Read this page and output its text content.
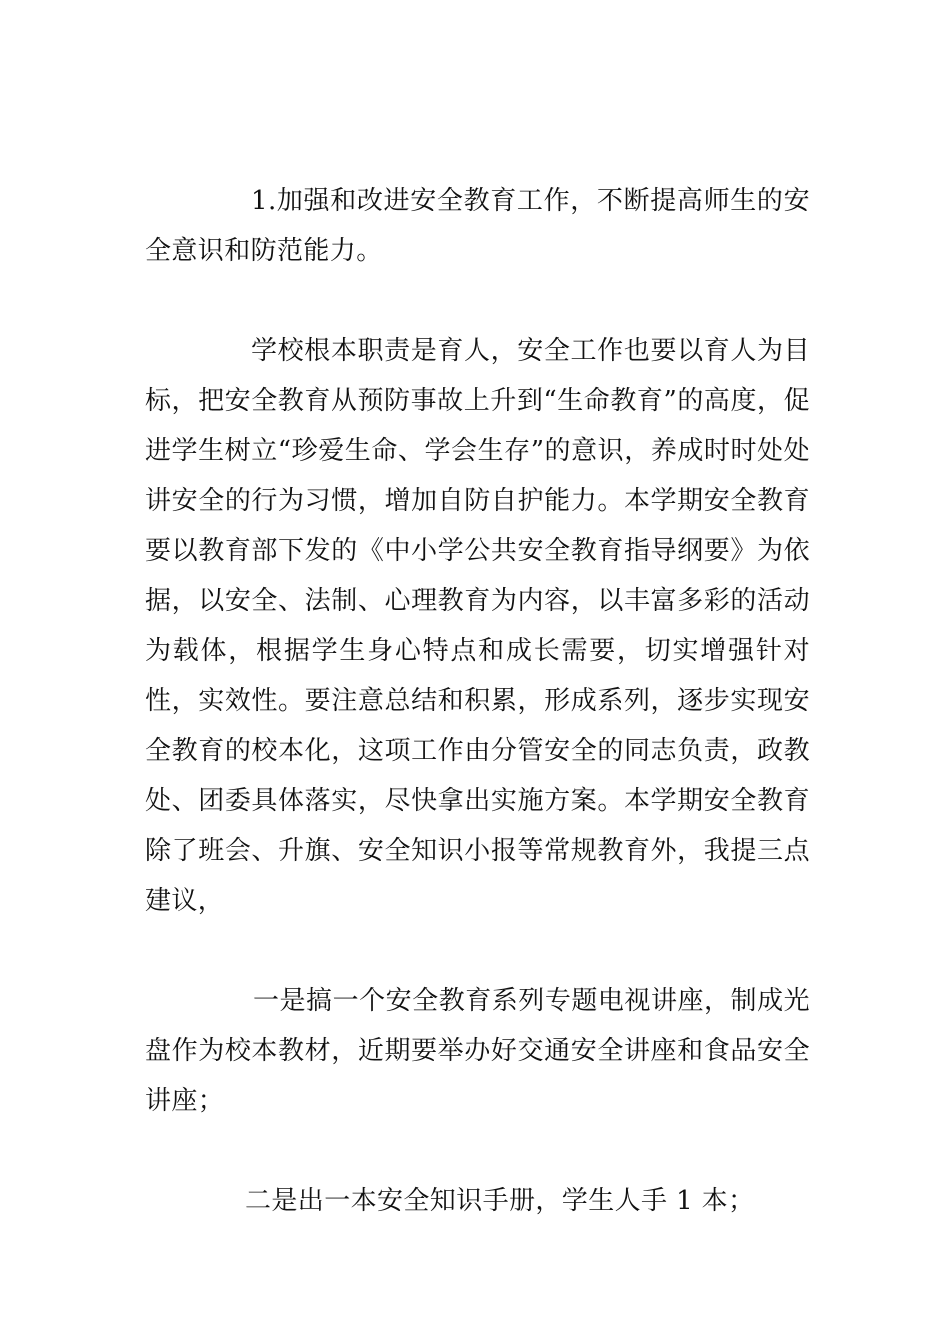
1.加强和改进安全教育工作，不断提高师生的安全意识和防范能力。

学校根本职责是育人，安全工作也要以育人为目标，把安全教育从预防事故上升到“生命教育”的高度，促进学生树立“珍爱生命、学会生存”的意识，养成时时处处讲安全的行为习惯，增加自防自护能力。本学期安全教育要以教育部下发的《中小学公共安全教育指导纲要》为依据，以安全、法制、心理教育为内容，以丰富多彩的活动为载体，根据学生身心特点和成长需要，切实增强针对性，实效性。要注意总结和积累，形成系列，逐步实现安全教育的校本化，这项工作由分管安全的同志负责，政教处、团委具体落实，尽快拿出实施方案。本学期安全教育除了班会、升旗、安全知识小报等常规教育外，我提三点建议，

一是搞一个安全教育系列专题电视讲座，制成光盘作为校本教材，近期要举办好交通安全讲座和食品安全讲座；

二是出一本安全知识手册，学生人手 1 本；
